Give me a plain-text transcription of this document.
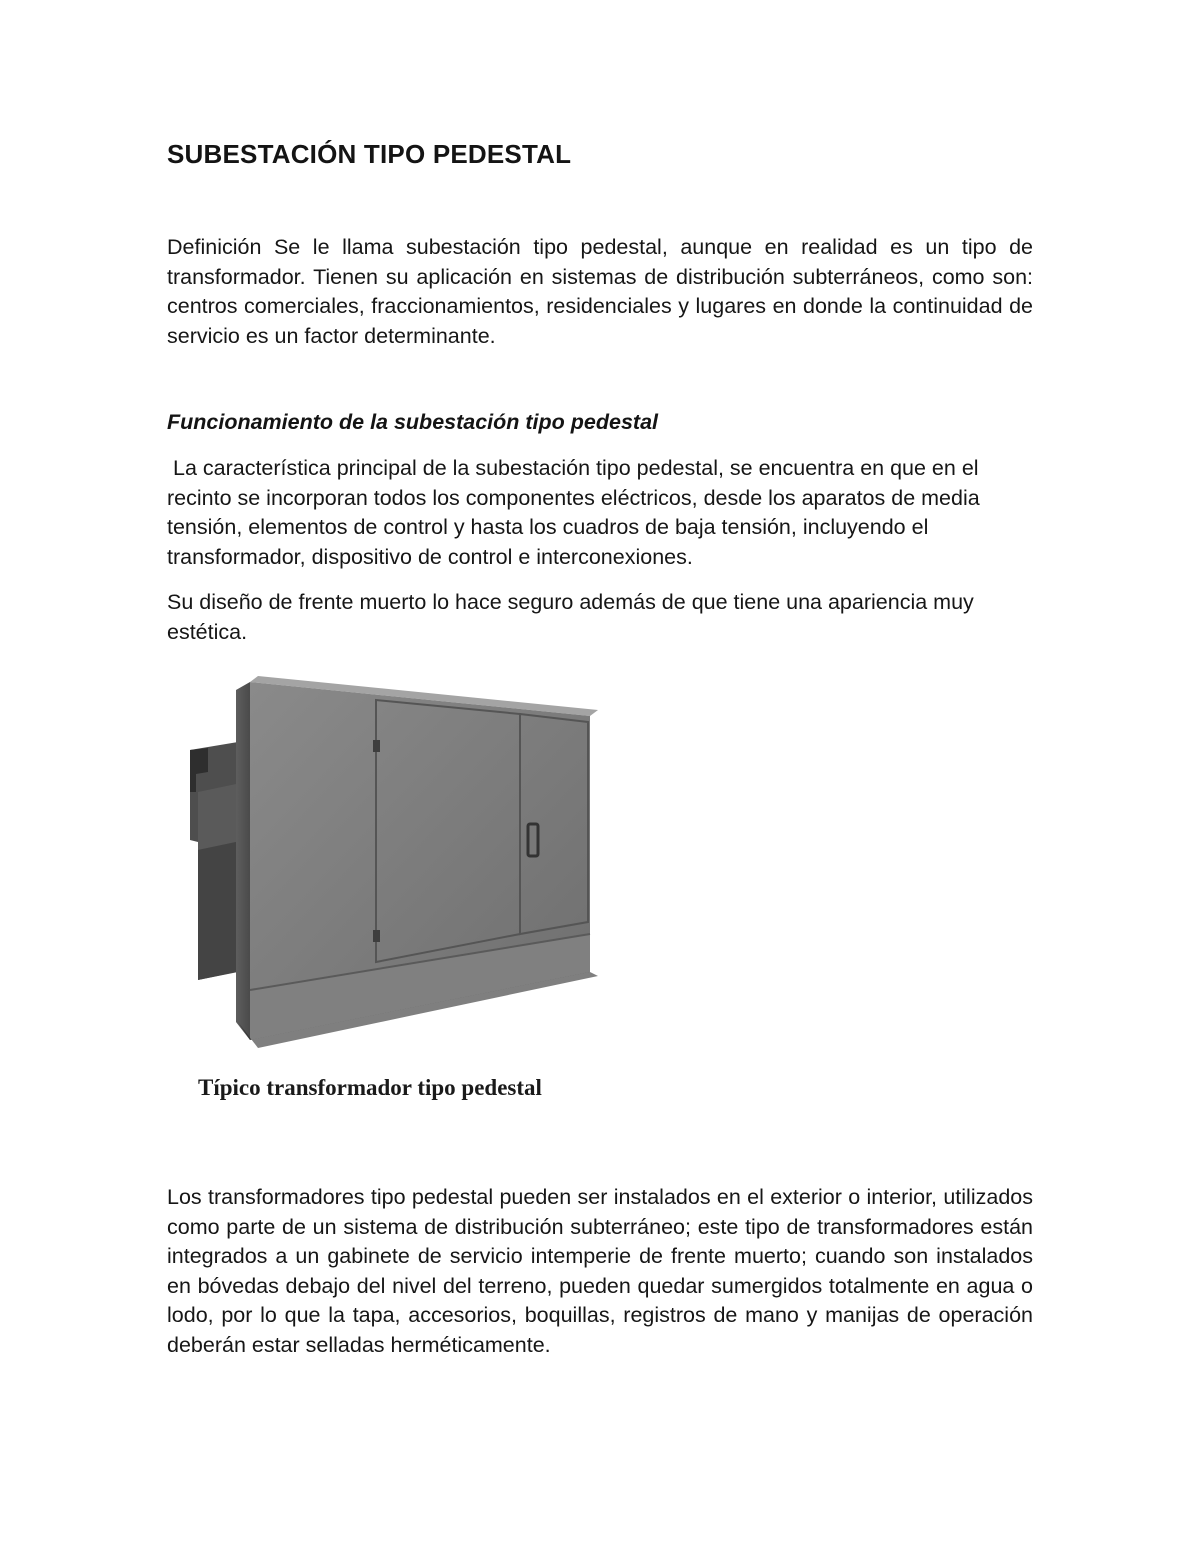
SUBESTACIÓN TIPO PEDESTAL

Definición Se le llama subestación tipo pedestal, aunque en realidad es un tipo de transformador. Tienen su aplicación en sistemas de distribución subterráneos, como son: centros comerciales, fraccionamientos, residenciales y lugares en donde la continuidad de servicio es un factor determinante.

Funcionamiento de la subestación tipo pedestal

La característica principal de la subestación tipo pedestal, se encuentra en que en el recinto se incorporan todos los componentes eléctricos, desde los aparatos de media tensión, elementos de control y hasta los cuadros de baja tensión, incluyendo el transformador, dispositivo de control e interconexiones.

Su diseño de frente muerto lo hace seguro además de que tiene una apariencia muy estética.

Típico transformador tipo pedestal

Los transformadores tipo pedestal pueden ser instalados en el exterior o interior, utilizados como parte de un sistema de distribución subterráneo; este tipo de transformadores están integrados a un gabinete de servicio intemperie de frente muerto; cuando son instalados en bóvedas debajo del nivel del terreno, pueden quedar sumergidos totalmente en agua o lodo, por lo que la tapa, accesorios, boquillas, registros de mano y manijas de operación deberán estar selladas herméticamente.
